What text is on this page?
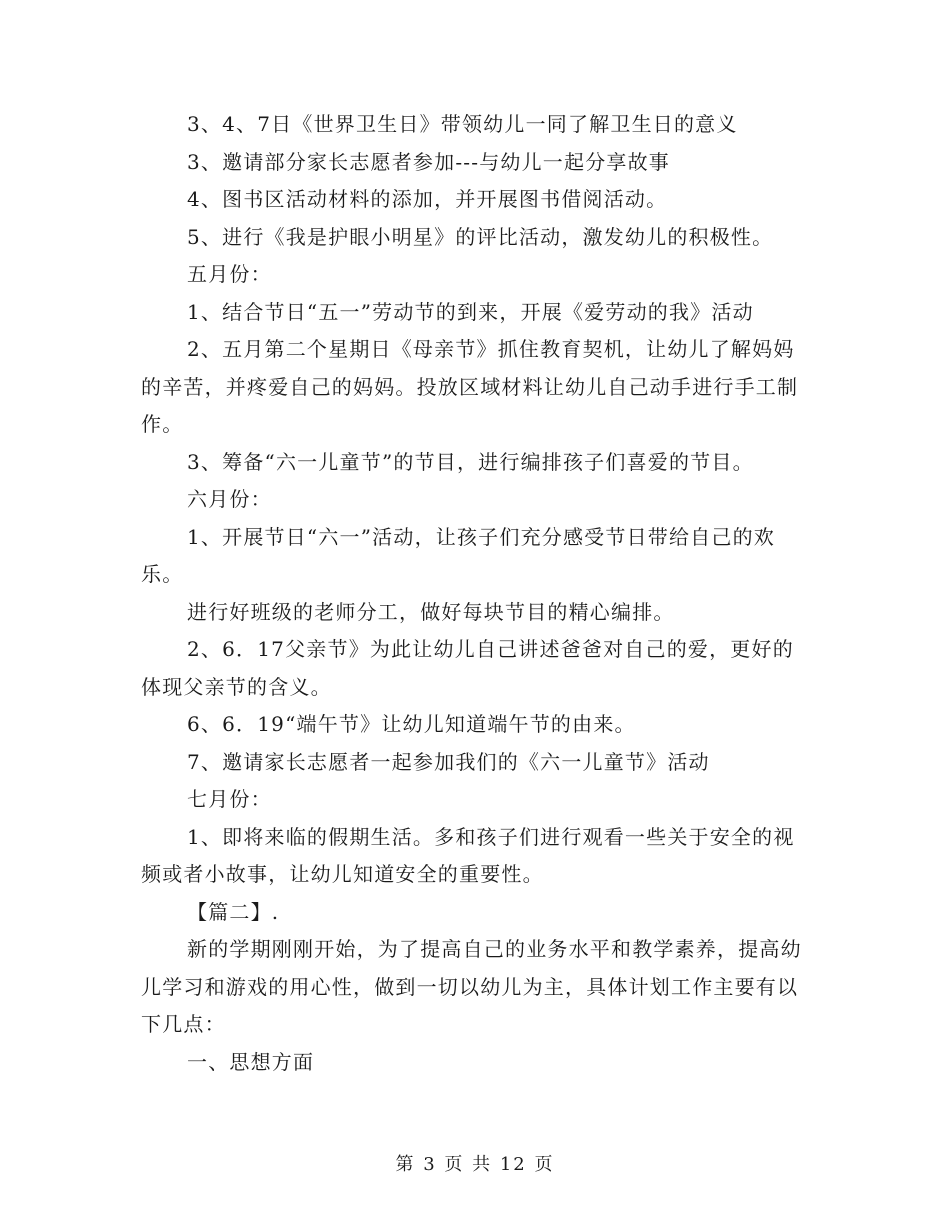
3、4、7日《世界卫生日》带领幼儿一同了解卫生日的意义

3、邀请部分家长志愿者参加---与幼儿一起分享故事

4、图书区活动材料的添加，并开展图书借阅活动。

5、进行《我是护眼小明星》的评比活动，激发幼儿的积极性。

五月份：

1、结合节日“五一”劳动节的到来，开展《爱劳动的我》活动

2、五月第二个星期日《母亲节》抓住教育契机，让幼儿了解妈妈的辛苦，并疼爱自己的妈妈。投放区域材料让幼儿自己动手进行手工制作。

3、筹备“六一儿童节”的节目，进行编排孩子们喜爱的节目。

六月份：

1、开展节日“六一”活动，让孩子们充分感受节日带给自己的欢乐。

进行好班级的老师分工，做好每块节目的精心编排。

2、6．17父亲节》为此让幼儿自己讲述爸爸对自己的爱，更好的体现父亲节的含义。

6、6．19“端午节》让幼儿知道端午节的由来。

7、邀请家长志愿者一起参加我们的《六一儿童节》活动

七月份：

1、即将来临的假期生活。多和孩子们进行观看一些关于安全的视频或者小故事，让幼儿知道安全的重要性。

【篇二】.

新的学期刚刚开始，为了提高自己的业务水平和教学素养，提高幼儿学习和游戏的用心性，做到一切以幼儿为主，具体计划工作主要有以下几点：

一、思想方面

第 3 页 共 12 页
